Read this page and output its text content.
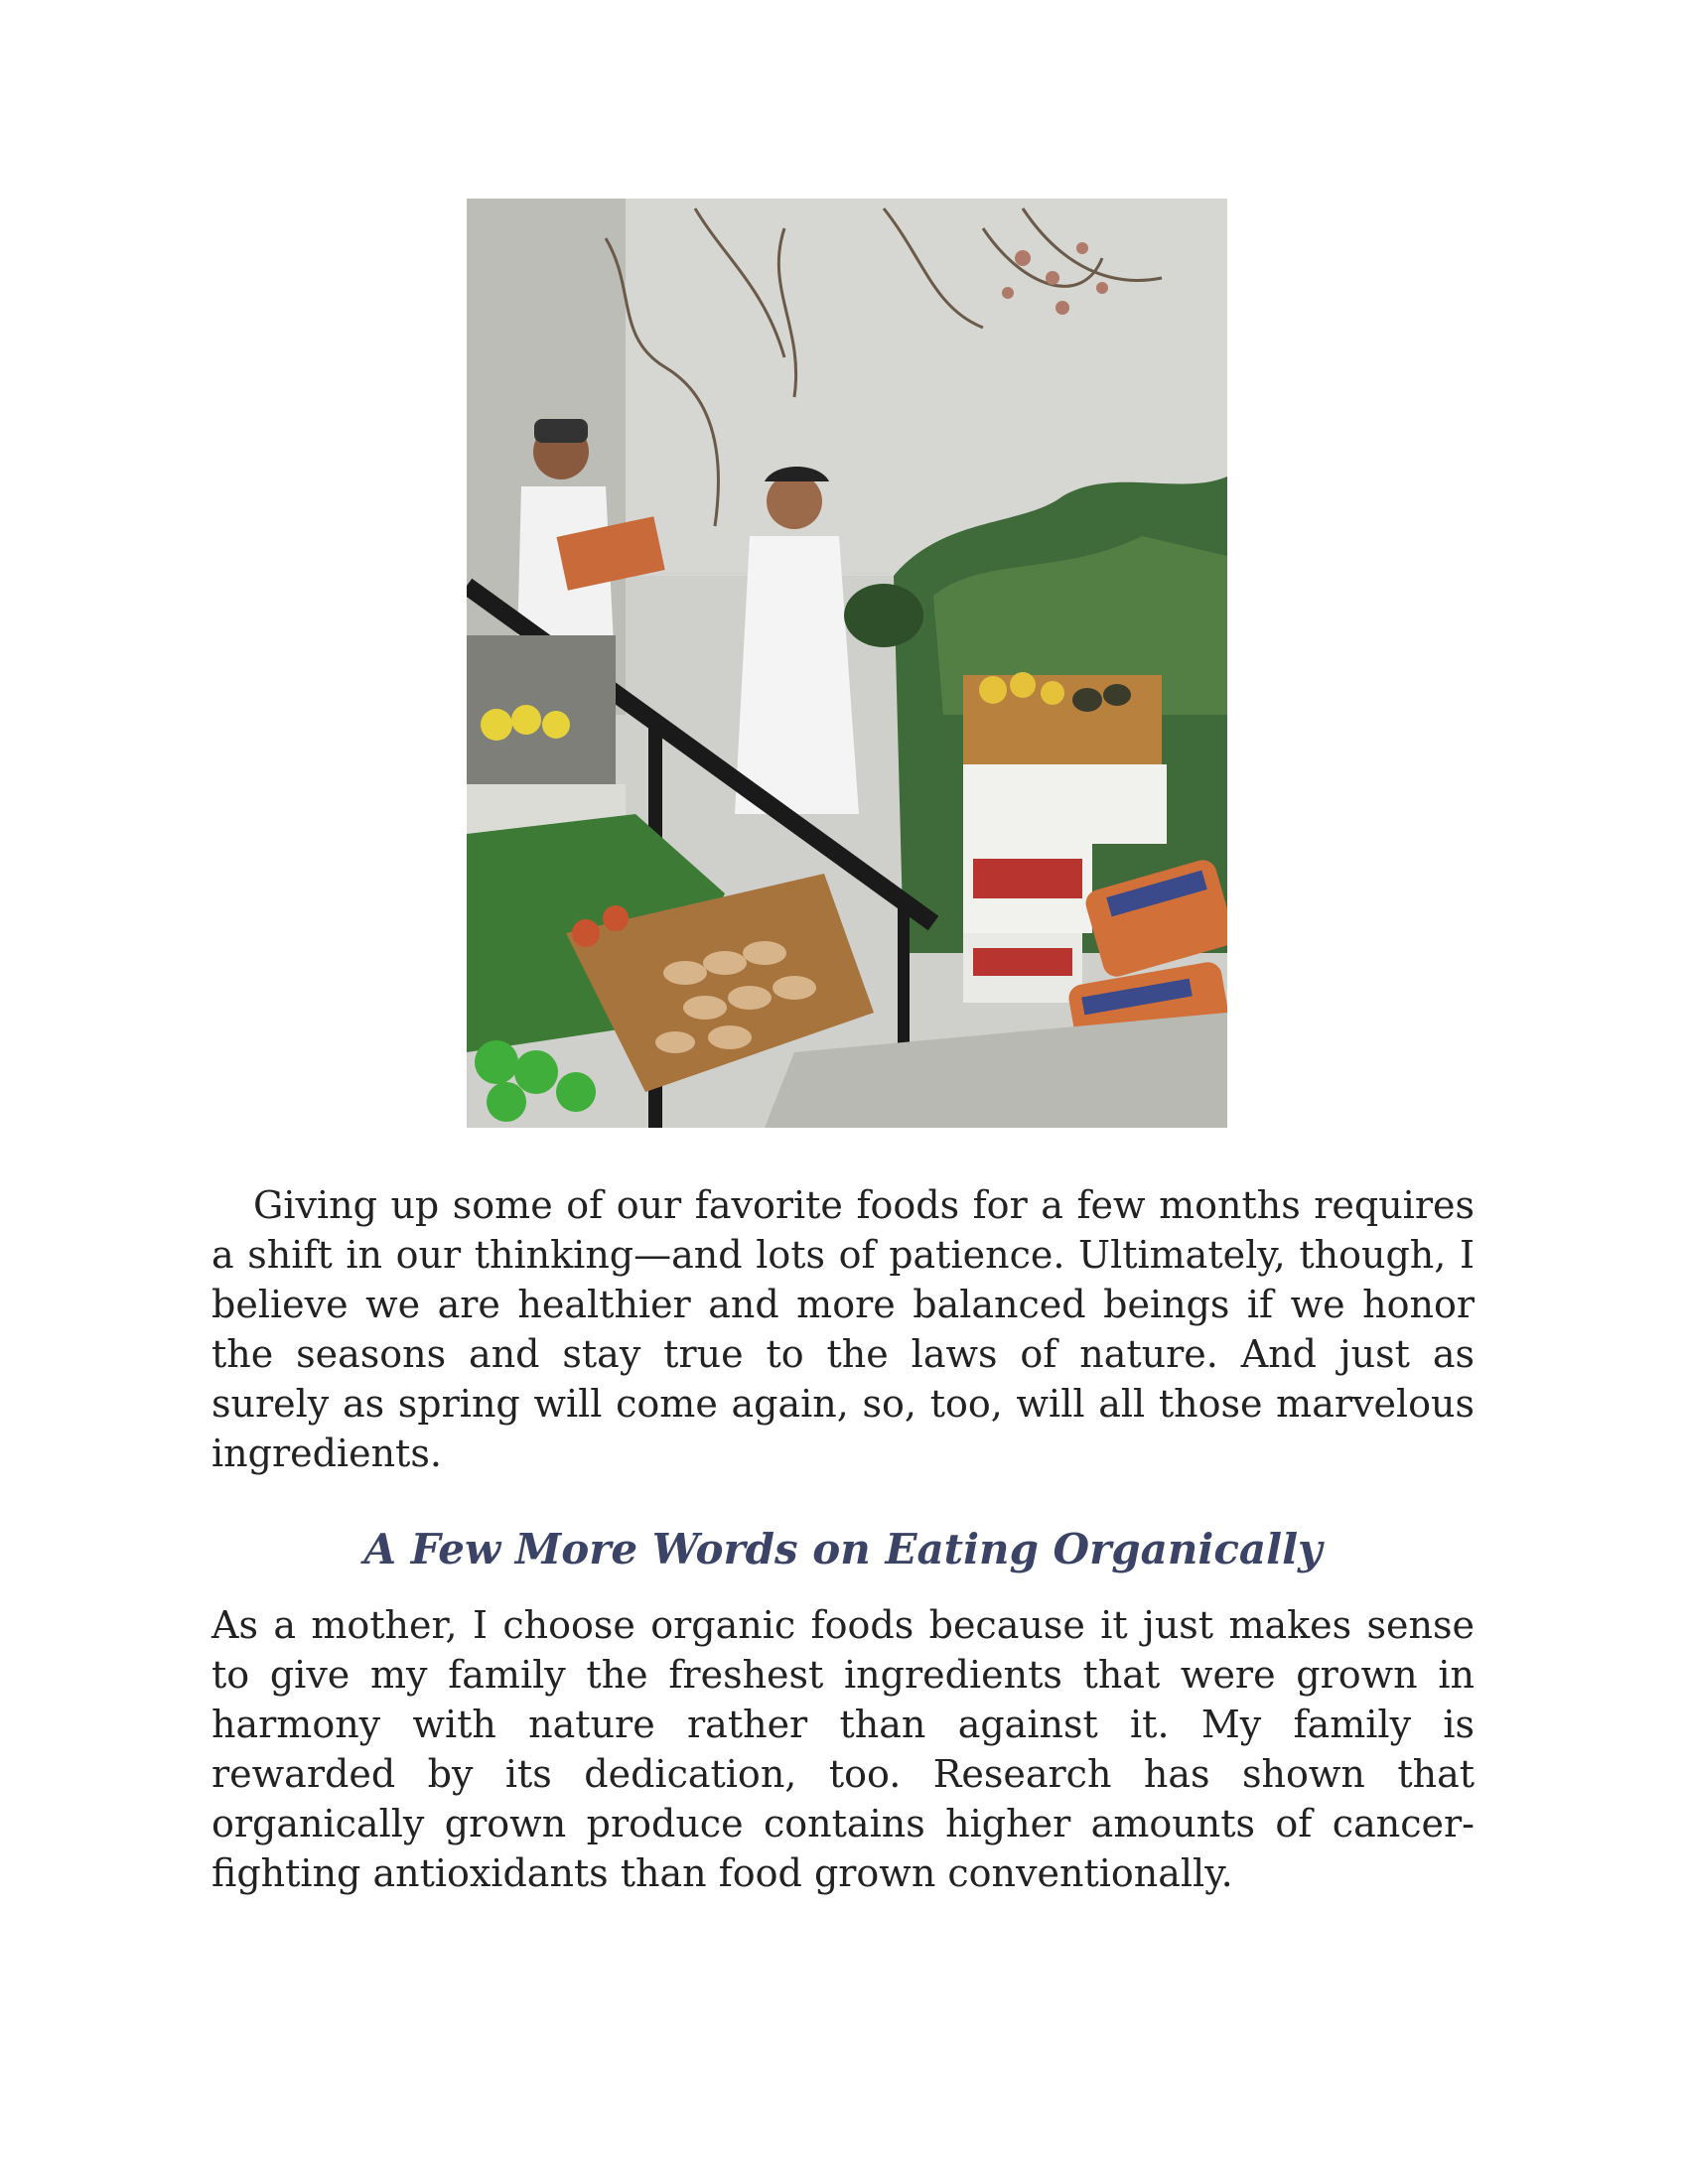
Giving up some of our favorite foods for a few months requires a shift in our thinking—and lots of patience. Ultimately, though, I believe we are healthier and more balanced beings if we honor the seasons and stay true to the laws of nature. And just as surely as spring will come again, so, too, will all those marvelous ingredients.

A Few More Words on Eating Organically

As a mother, I choose organic foods because it just makes sense to give my family the freshest ingredients that were grown in harmony with nature rather than against it. My family is rewarded by its dedication, too. Research has shown that organically grown produce contains higher amounts of cancer-fighting antioxidants than food grown conventionally.
